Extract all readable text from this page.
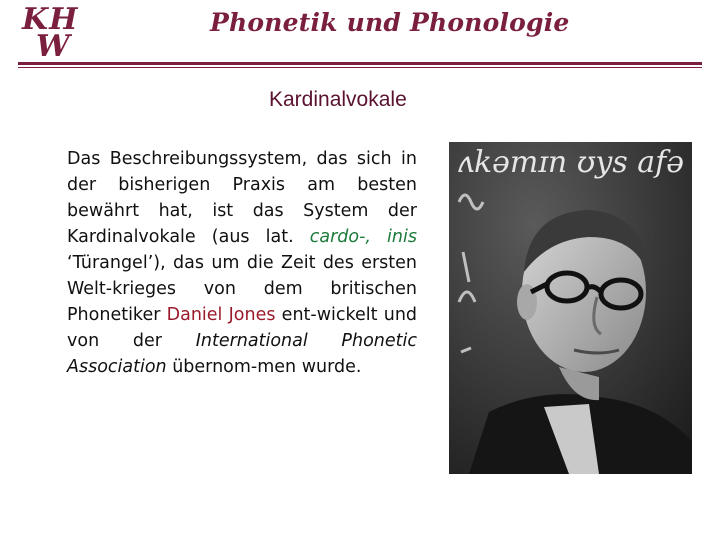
KH
W
Phonetik und Phonologie
Kardinalvokale
Das Beschreibungssystem, das sich in der bisherigen Praxis am besten bewährt hat, ist das System der Kardinalvokale (aus lat. cardo-, inis ‘Türangel’), das um die Zeit des ersten Welt-krieges von dem britischen Phonetiker Daniel Jones ent-wickelt und von der International Phonetic Association übernom-men wurde.
ʌkəmɪn ʊys afə
